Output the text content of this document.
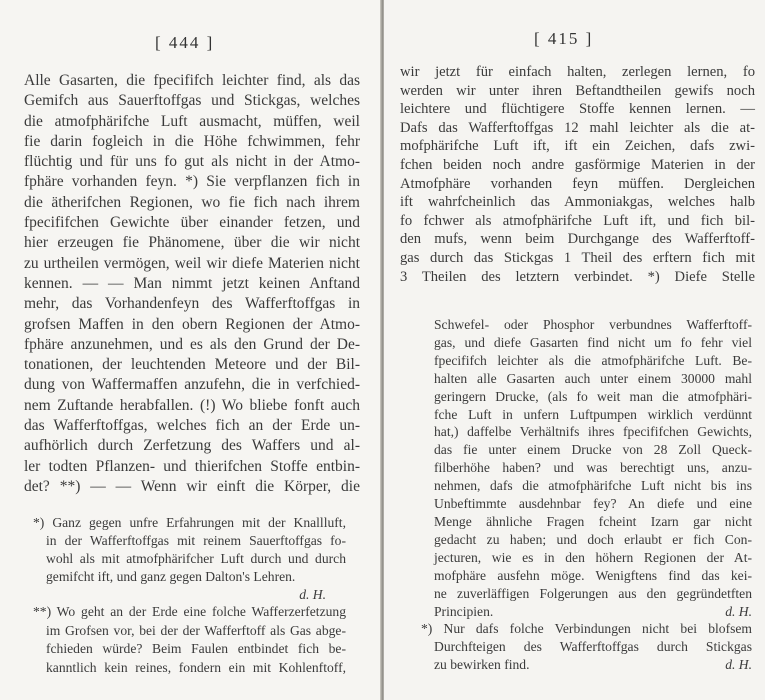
[ 444 ]
Alle Gasarten, die fpecififch leichter find, als das
Gemifch aus Sauerftoffgas und Stickgas, welches
die atmofphärifche Luft ausmacht, müffen, weil
fie darin fogleich in die Höhe fchwimmen, fehr
flüchtig und für uns fo gut als nicht in der Atmo-
fphäre vorhanden feyn. *) Sie verpflanzen fich in
die ätherifchen Regionen, wo fie fich nach ihrem
fpecififchen Gewichte über einander fetzen, und
hier erzeugen fie Phänomene, über die wir nicht
zu urtheilen vermögen, weil wir diefe Materien nicht
kennen. — — Man nimmt jetzt keinen Anftand
mehr, das Vorhandenfeyn des Wafferftoffgas in
grofsen Maffen in den obern Regionen der Atmo-
fphäre anzunehmen, und es als den Grund der De-
tonationen, der leuchtenden Meteore und der Bil-
dung von Waffermaffen anzufehn, die in verfchied-
nem Zuftande herabfallen. (!) Wo bliebe fonft auch
das Wafferftoffgas, welches fich an der Erde un-
aufhörlich durch Zerfetzung des Waffers und al-
ler todten Pflanzen- und thierifchen Stoffe entbin-
det? **) — — Wenn wir einft die Körper, die
*) Ganz gegen unfre Erfahrungen mit der Knallluft,
in der Wafferftoffgas mit reinem Sauerftoffgas fo-
wohl als mit atmofphärifcher Luft durch und durch
gemifcht ift, und ganz gegen Dalton's Lehren.
d. H.
**) Wo geht an der Erde eine folche Wafferzerfetzung
im Grofsen vor, bei der der Wafferftoff als Gas abge-
fchieden würde? Beim Faulen entbindet fich be-
kanntlich kein reines, fondern ein mit Kohlenftoff,
[ 415 ]
wir jetzt für einfach halten, zerlegen lernen, fo
werden wir unter ihren Beftandtheilen gewifs noch
leichtere und flüchtigere Stoffe kennen lernen. —
Dafs das Wafferftoffgas 12 mahl leichter als die at-
mofphärifche Luft ift, ift ein Zeichen, dafs zwi-
fchen beiden noch andre gasförmige Materien in der
Atmofphäre vorhanden feyn müffen. Dergleichen
ift wahrfcheinlich das Ammoniakgas, welches halb
fo fchwer als atmofphärifche Luft ift, und fich bil-
den mufs, wenn beim Durchgange des Wafferftoff-
gas durch das Stickgas 1 Theil des erftern fich mit
3 Theilen des letztern verbindet. *) Diefe Stelle
Schwefel- oder Phosphor verbundnes Wafferftoff-
gas, und diefe Gasarten find nicht um fo fehr viel
fpecififch leichter als die atmofphärifche Luft. Be-
halten alle Gasarten auch unter einem 30000 mahl
geringern Drucke, (als fo weit man die atmofphäri-
fche Luft in unfern Luftpumpen wirklich verdünnt
hat,) daffelbe Verhältnifs ihres fpecififchen Gewichts,
das fie unter einem Drucke von 28 Zoll Queck-
filberhöhe haben? und was berechtigt uns, anzu-
nehmen, dafs die atmofphärifche Luft nicht bis ins
Unbeftimmte ausdehnbar fey? An diefe und eine
Menge ähnliche Fragen fcheint Izarn gar nicht
gedacht zu haben; und doch erlaubt er fich Con-
jecturen, wie es in den höhern Regionen der At-
mofphäre ausfehn möge. Wenigftens find das kei-
ne zuverläffigen Folgerungen aus den gegründetften
Principien.	d. H.
*) Nur dafs folche Verbindungen nicht bei blofsem
Durchfteigen des Wafferftoffgas durch Stickgas
zu bewirken find.	d. H.
